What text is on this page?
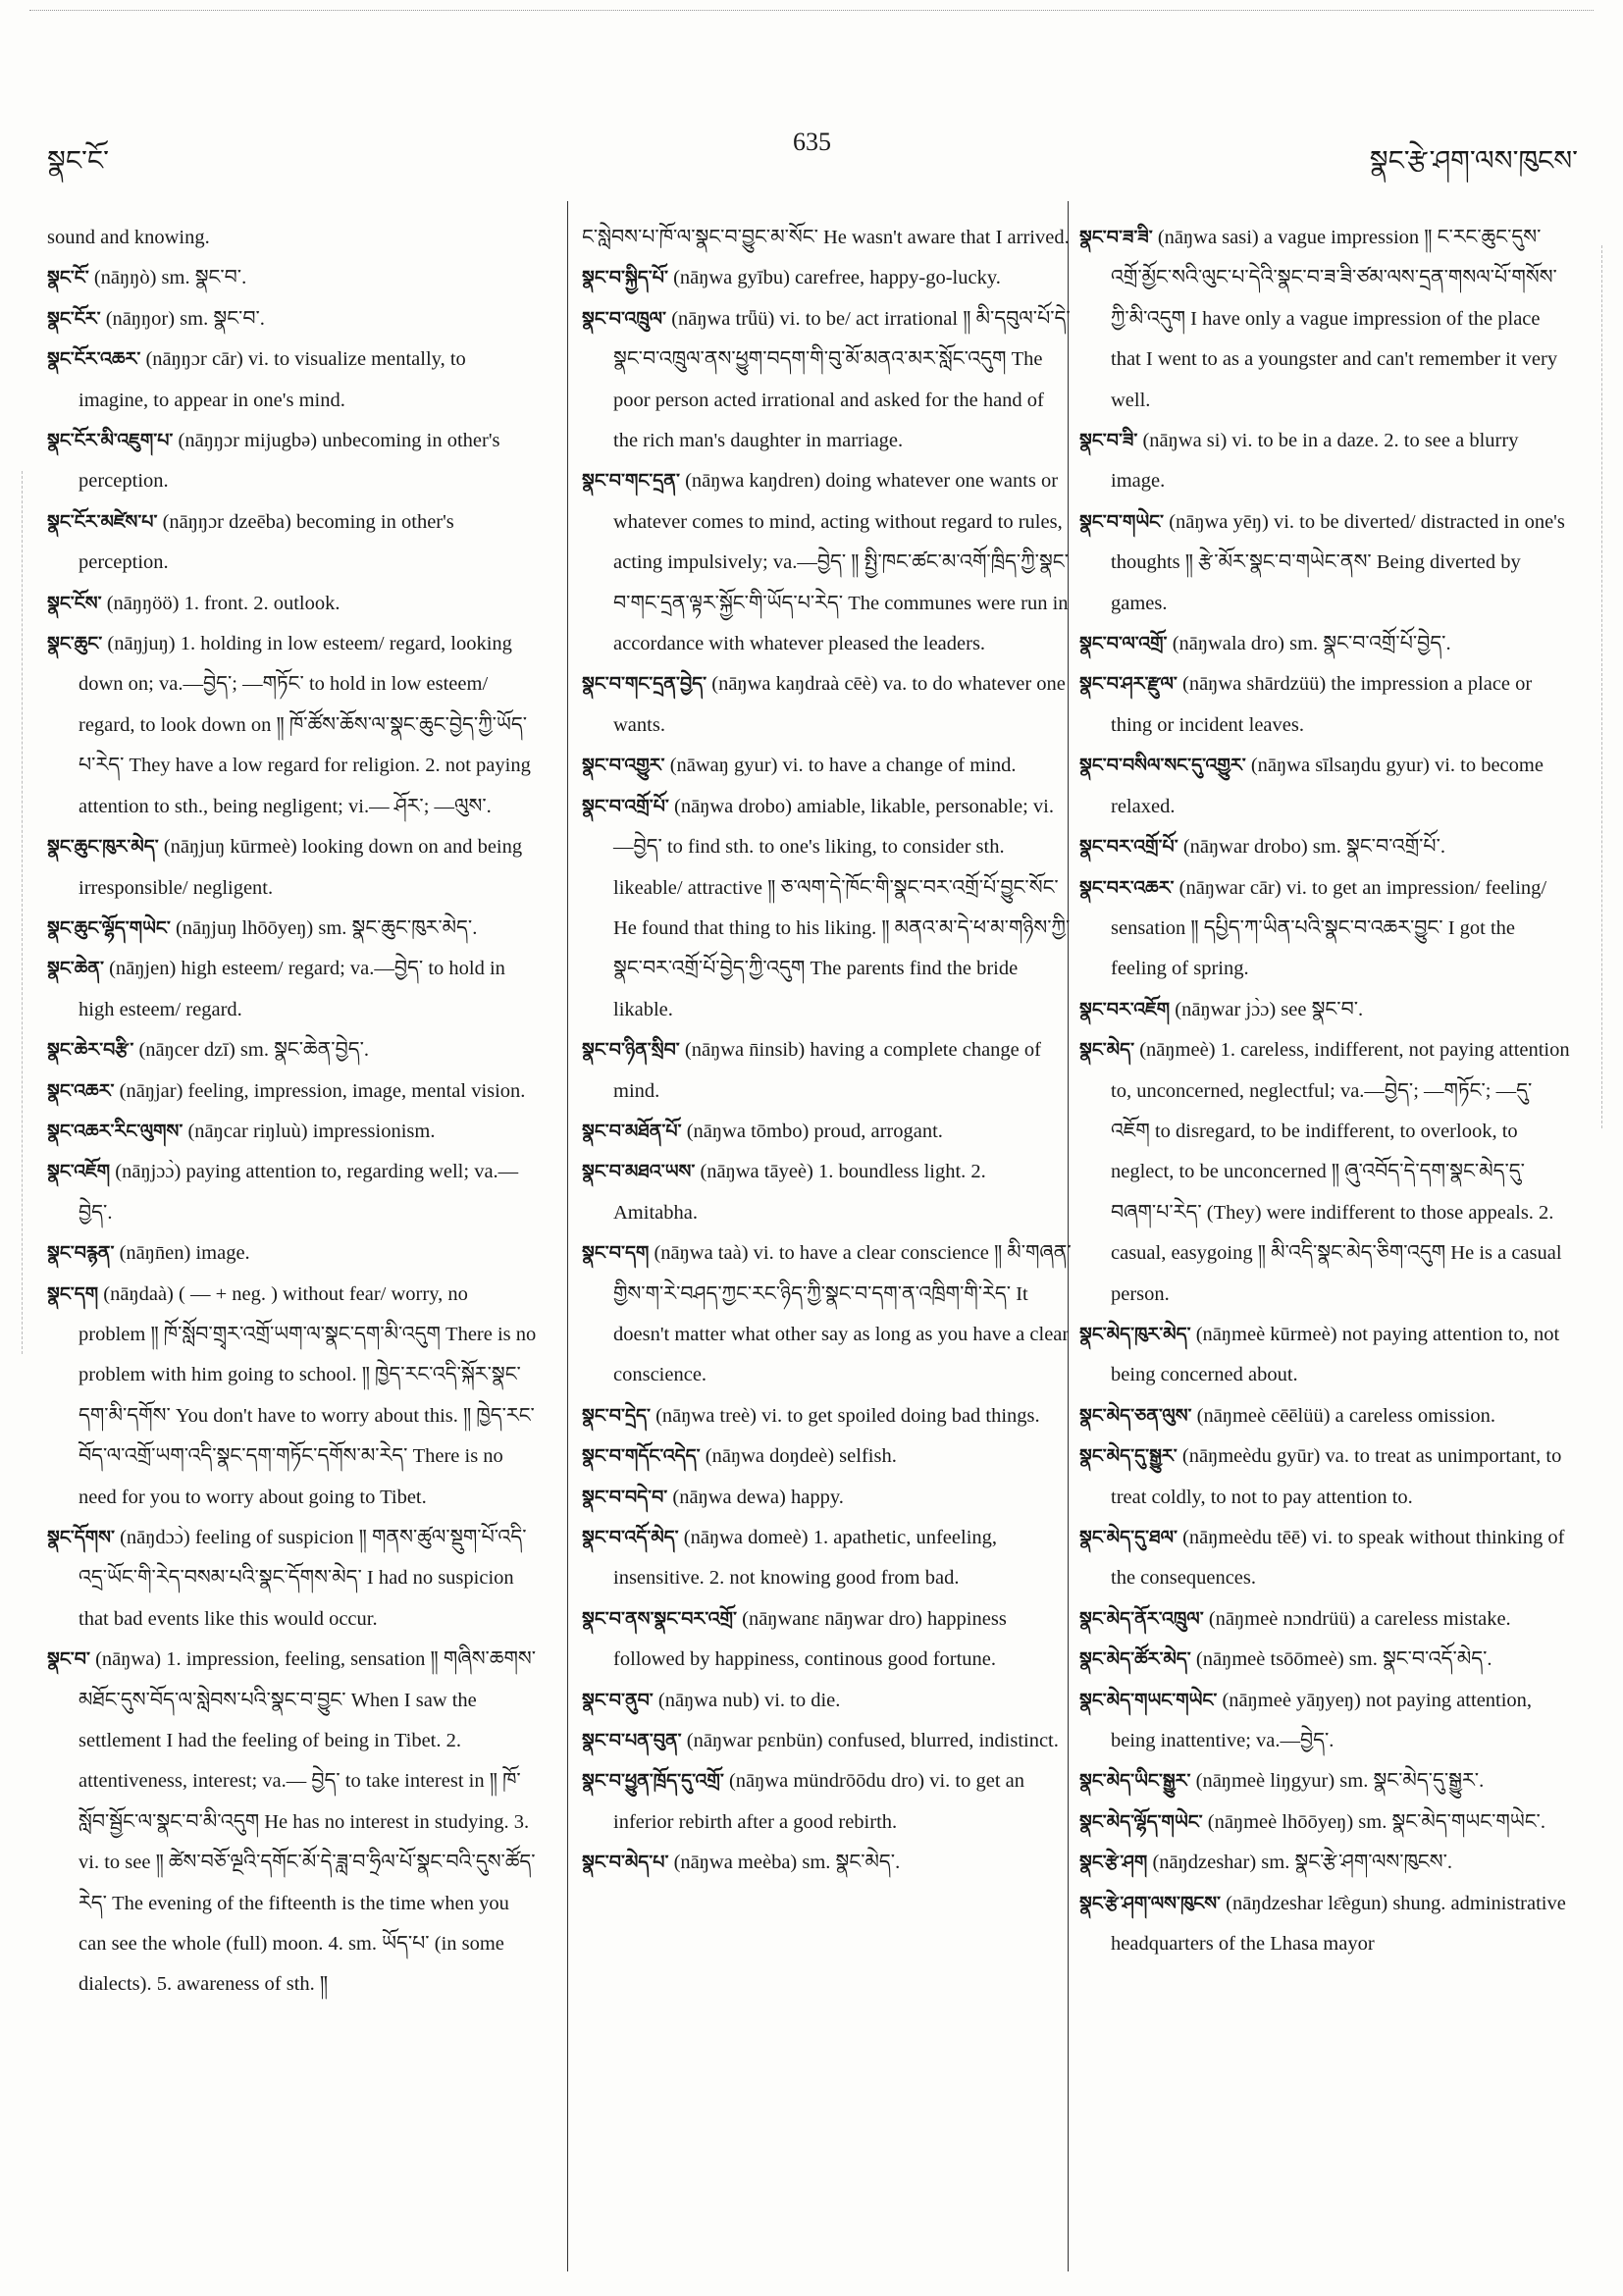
སྣང་ངོ་
635
སྣང་རྩེ་ཤག་ལས་ཁུངས་

sound and knowing.

སྣང་ངོ་ (nāŋŋò) sm. སྣང་བ་.

སྣང་ངོར་ (nāŋŋor) sm. སྣང་བ་.

སྣང་ངོར་འཆར་ (nāŋŋɔr cār) vi. to visualize mentally, to imagine, to appear in one's mind.

སྣང་ངོར་མི་འཇུག་པ་ (nāŋŋɔr mijugbə) unbecoming in other's perception.

སྣང་ངོར་མཛེས་པ་ (nāŋŋɔr dzeēba) becoming in other's perception.

སྣང་ངོས་ (nāŋŋöö) 1. front. 2. outlook.

སྣང་ཆུང་ (nāŋjuŋ) 1. holding in low esteem/ regard, looking down on; va.—བྱེད་; —གཏོང་ to hold in low esteem/ regard, to look down on ༎ ཁོ་ཚོས་ཆོས་ལ་སྣང་ཆུང་བྱེད་ཀྱི་ཡོད་པ་རེད་ They have a low regard for religion. 2. not paying attention to sth., being negligent; vi.— ཤོར་; —ལུས་.

སྣང་ཆུང་ཁུར་མེད་ (nāŋjuŋ kūrmeè) looking down on and being irresponsible/ negligent.

སྣང་ཆུང་ལྷོད་གཡེང་ (nāŋjuŋ lhōōyeŋ) sm. སྣང་ཆུང་ཁུར་མེད་.

སྣང་ཆེན་ (nāŋjen) high esteem/ regard; va.—བྱེད་ to hold in high esteem/ regard.

སྣང་ཆེར་བརྩི་ (nāŋcer dzī) sm. སྣང་ཆེན་བྱེད་.

སྣང་འཆར་ (nāŋjar) feeling, impression, image, mental vision.

སྣང་འཆར་རིང་ལུགས་ (nāŋcar riŋluù) impressionism.

སྣང་འཇོག (nāŋjɔɔ̀) paying attention to, regarding well; va.—བྱེད་.

སྣང་བརྙན་ (nāŋn̄en) image.

སྣང་དག (nāŋdaà) ( — + neg. ) without fear/ worry, no problem ༎ ཁོ་སློབ་གྲྭར་འགྲོ་ཡག་ལ་སྣང་དག་མི་འདུག There is no problem with him going to school. ༎ ཁྱེད་རང་འདི་སྐོར་སྣང་དག་མི་དགོས་ You don't have to worry about this. ༎ ཁྱེད་རང་བོད་ལ་འགྲོ་ཡག་འདི་སྣང་དག་གཏོང་དགོས་མ་རེད་ There is no need for you to worry about going to Tibet.

སྣང་དོགས་ (nāŋdɔɔ̀) feeling of suspicion ༎ གནས་ཚུལ་སྡུག་པོ་འདི་འདྲ་ཡོང་གི་རེད་བསམ་པའི་སྣང་དོགས་མེད་ I had no suspicion that bad events like this would occur.

སྣང་བ་ (nāŋwa) 1. impression, feeling, sensation ༎ གཞིས་ཆགས་མཐོང་དུས་བོད་ལ་སླེབས་པའི་སྣང་བ་བྱུང་ When I saw the settlement I had the feeling of being in Tibet. 2. attentiveness, interest; va.— བྱེད་ to take interest in ༎ ཁོ་སློབ་སྦྱོང་ལ་སྣང་བ་མི་འདུག He has no interest in studying. 3. vi. to see ༎ ཚེས་བཅོ་ལྔའི་དགོང་མོ་དེ་ཟླ་བ་ཧྲིལ་པོ་སྣང་བའི་དུས་ཚོད་རེད་ The evening of the fifteenth is the time when you can see the whole (full) moon. 4. sm. ཡོད་པ་ (in some dialects). 5. awareness of sth. ༎

ང་སླེབས་པ་ཁོ་ལ་སྣང་བ་བྱུང་མ་སོང་ He wasn't aware that I arrived.

སྣང་བ་སྐྱིད་པོ་ (nāŋwa gyību) carefree, happy-go-lucky.

སྣང་བ་འཁྲུལ་ (nāŋwa trǖü) vi. to be/ act irrational ༎ མི་དབུལ་པོ་དེ་སྣང་བ་འཁྲུལ་ནས་ཕྱུག་བདག་གི་བུ་མོ་མནའ་མར་སློང་འདུག The poor person acted irrational and asked for the hand of the rich man's daughter in marriage.

སྣང་བ་གང་དྲན་ (nāŋwa kaŋdren) doing whatever one wants or whatever comes to mind, acting without regard to rules, acting impulsively; va.—བྱེད་ ༎ སྤྱི་ཁང་ཚང་མ་འགོ་ཁྲིད་ཀྱི་སྣང་བ་གང་དྲན་ལྟར་སྐྱོང་གི་ཡོད་པ་རེད་ The communes were run in accordance with whatever pleased the leaders.

སྣང་བ་གང་དྲན་བྱེད་ (nāŋwa kaŋdraà cēè) va. to do whatever one wants.

སྣང་བ་འགྱུར་ (nāwaŋ gyur) vi. to have a change of mind.

སྣང་བ་འགྲོ་པོ་ (nāŋwa drobo) amiable, likable, personable; vi.—བྱེད་ to find sth. to one's liking, to consider sth. likeable/ attractive ༎ ཅ་ལག་དེ་ཁོང་གི་སྣང་བར་འགྲོ་པོ་བྱུང་སོང་ He found that thing to his liking. ༎ མནའ་མ་དེ་ཕ་མ་གཉིས་ཀྱི་སྣང་བར་འགྲོ་པོ་བྱེད་ཀྱི་འདུག The parents find the bride likable.

སྣང་བ་ཉིན་སྲིབ་ (nāŋwa n̄insib) having a complete change of mind.

སྣང་བ་མཐོན་པོ་ (nāŋwa tōmbo) proud, arrogant.

སྣང་བ་མཐའ་ཡས་ (nāŋwa tāyeè) 1. boundless light. 2. Amitabha.

སྣང་བ་དག (nāŋwa taà) vi. to have a clear conscience ༎ མི་གཞན་གྱིས་ག་རེ་བཤད་ཀྱང་རང་ཉིད་ཀྱི་སྣང་བ་དག་ན་འཁྲིག་གི་རེད་ It doesn't matter what other say as long as you have a clear conscience.

སྣང་བ་དྲེད་ (nāŋwa treè) vi. to get spoiled doing bad things.

སྣང་བ་གདོང་འདེད་ (nāŋwa doŋdeè) selfish.

སྣང་བ་བདེ་བ་ (nāŋwa dewa) happy.

སྣང་བ་འདོ་མེད་ (nāŋwa domeè) 1. apathetic, unfeeling, insensitive. 2. not knowing good from bad.

སྣང་བ་ནས་སྣང་བར་འགྲོ་ (nāŋwanɛ nāŋwar dro) happiness followed by happiness, continous good fortune.

སྣང་བ་ནུབ་ (nāŋwa nub) vi. to die.

སྣང་བ་པན་བུན་ (nāŋwar pɛnbün) confused, blurred, indistinct.

སྣང་བ་ཕྱུན་ཁྲོད་དུ་འགྲོ་ (nāŋwa mündrōōdu dro) vi. to get an inferior rebirth after a good rebirth.

སྣང་བ་མེད་པ་ (nāŋwa meèba) sm. སྣང་མེད་.

སྣང་བ་ཟ་ཟི་ (nāŋwa sasi) a vague impression ༎ ང་རང་ཆུང་དུས་འགྲོ་མྱོང་སའི་ལུང་པ་དེའི་སྣང་བ་ཟ་ཟི་ཙམ་ལས་དྲན་གསལ་པོ་གསོས་ཀྱི་མི་འདུག I have only a vague impression of the place that I went to as a youngster and can't remember it very well.

སྣང་བ་ཟི་ (nāŋwa si) vi. to be in a daze. 2. to see a blurry image.

སྣང་བ་གཡེང་ (nāŋwa yēŋ) vi. to be diverted/ distracted in one's thoughts ༎ རྩེ་མོར་སྣང་བ་གཡེང་ནས་ Being diverted by games.

སྣང་བ་ལ་འགྲོ་ (nāŋwala dro) sm. སྣང་བ་འགྲོ་པོ་བྱེད་.

སྣང་བ་ཤར་རྫུལ་ (nāŋwa shārdzüü) the impression a place or thing or incident leaves.

སྣང་བ་བསིལ་སང་དུ་འགྱུར་ (nāŋwa sīlsaŋdu gyur) vi. to become relaxed.

སྣང་བར་འགྲོ་པོ་ (nāŋwar drobo) sm. སྣང་བ་འགྲོ་པོ་.

སྣང་བར་འཆར་ (nāŋwar cār) vi. to get an impression/ feeling/ sensation ༎ དཔྱིད་ཀ་ཡིན་པའི་སྣང་བ་འཆར་བྱུང་ I got the feeling of spring.

སྣང་བར་འཇོག (nāŋwar jɔ̀ɔ) see སྣང་བ་.

སྣང་མེད་ (nāŋmeè) 1. careless, indifferent, not paying attention to, unconcerned, neglectful; va.—བྱེད་; —གཏོང་; —དུ་འཇོག to disregard, to be indifferent, to overlook, to neglect, to be unconcerned ༎ ཞུ་འབོད་དེ་དག་སྣང་མེད་དུ་བཞག་པ་རེད་ (They) were indifferent to those appeals. 2. casual, easygoing ༎ མི་འདི་སྣང་མེད་ཅིག་འདུག He is a casual person.

སྣང་མེད་ཁུར་མེད་ (nāŋmeè kūrmeè) not paying attention to, not being concerned about.

སྣང་མེད་ཅན་ལུས་ (nāŋmeè cēēlüü) a careless omission.

སྣང་མེད་དུ་སྒྱུར་ (nāŋmeèdu gyūr) va. to treat as unimportant, to treat coldly, to not to pay attention to.

སྣང་མེད་དུ་ཐལ་ (nāŋmeèdu tēē) vi. to speak without thinking of the consequences.

སྣང་མེད་ནོར་འཁྲུལ་ (nāŋmeè nɔndrüü) a careless mistake.

སྣང་མེད་ཚོར་མེད་ (nāŋmeè tsōōmeè) sm. སྣང་བ་འདོ་མེད་.

སྣང་མེད་གཡང་གཡེང་ (nāŋmeè yāŋyeŋ) not paying attention, being inattentive; va.—བྱེད་.

སྣང་མེད་ཡིང་སྒྱུར་ (nāŋmeè liŋgyur) sm. སྣང་མེད་དུ་སྒྱུར་.

སྣང་མེད་ལྷོད་གཡེང་ (nāŋmeè lhōōyeŋ) sm. སྣང་མེད་གཡང་གཡེང་.

སྣང་རྩེ་ཤག (nāŋdzeshar) sm. སྣང་རྩེ་ཤག་ལས་ཁུངས་.

སྣང་རྩེ་ཤག་ལས་ཁུངས་ (nāŋdzeshar lɛ̄ègun) shung. administrative headquarters of the Lhasa mayor
